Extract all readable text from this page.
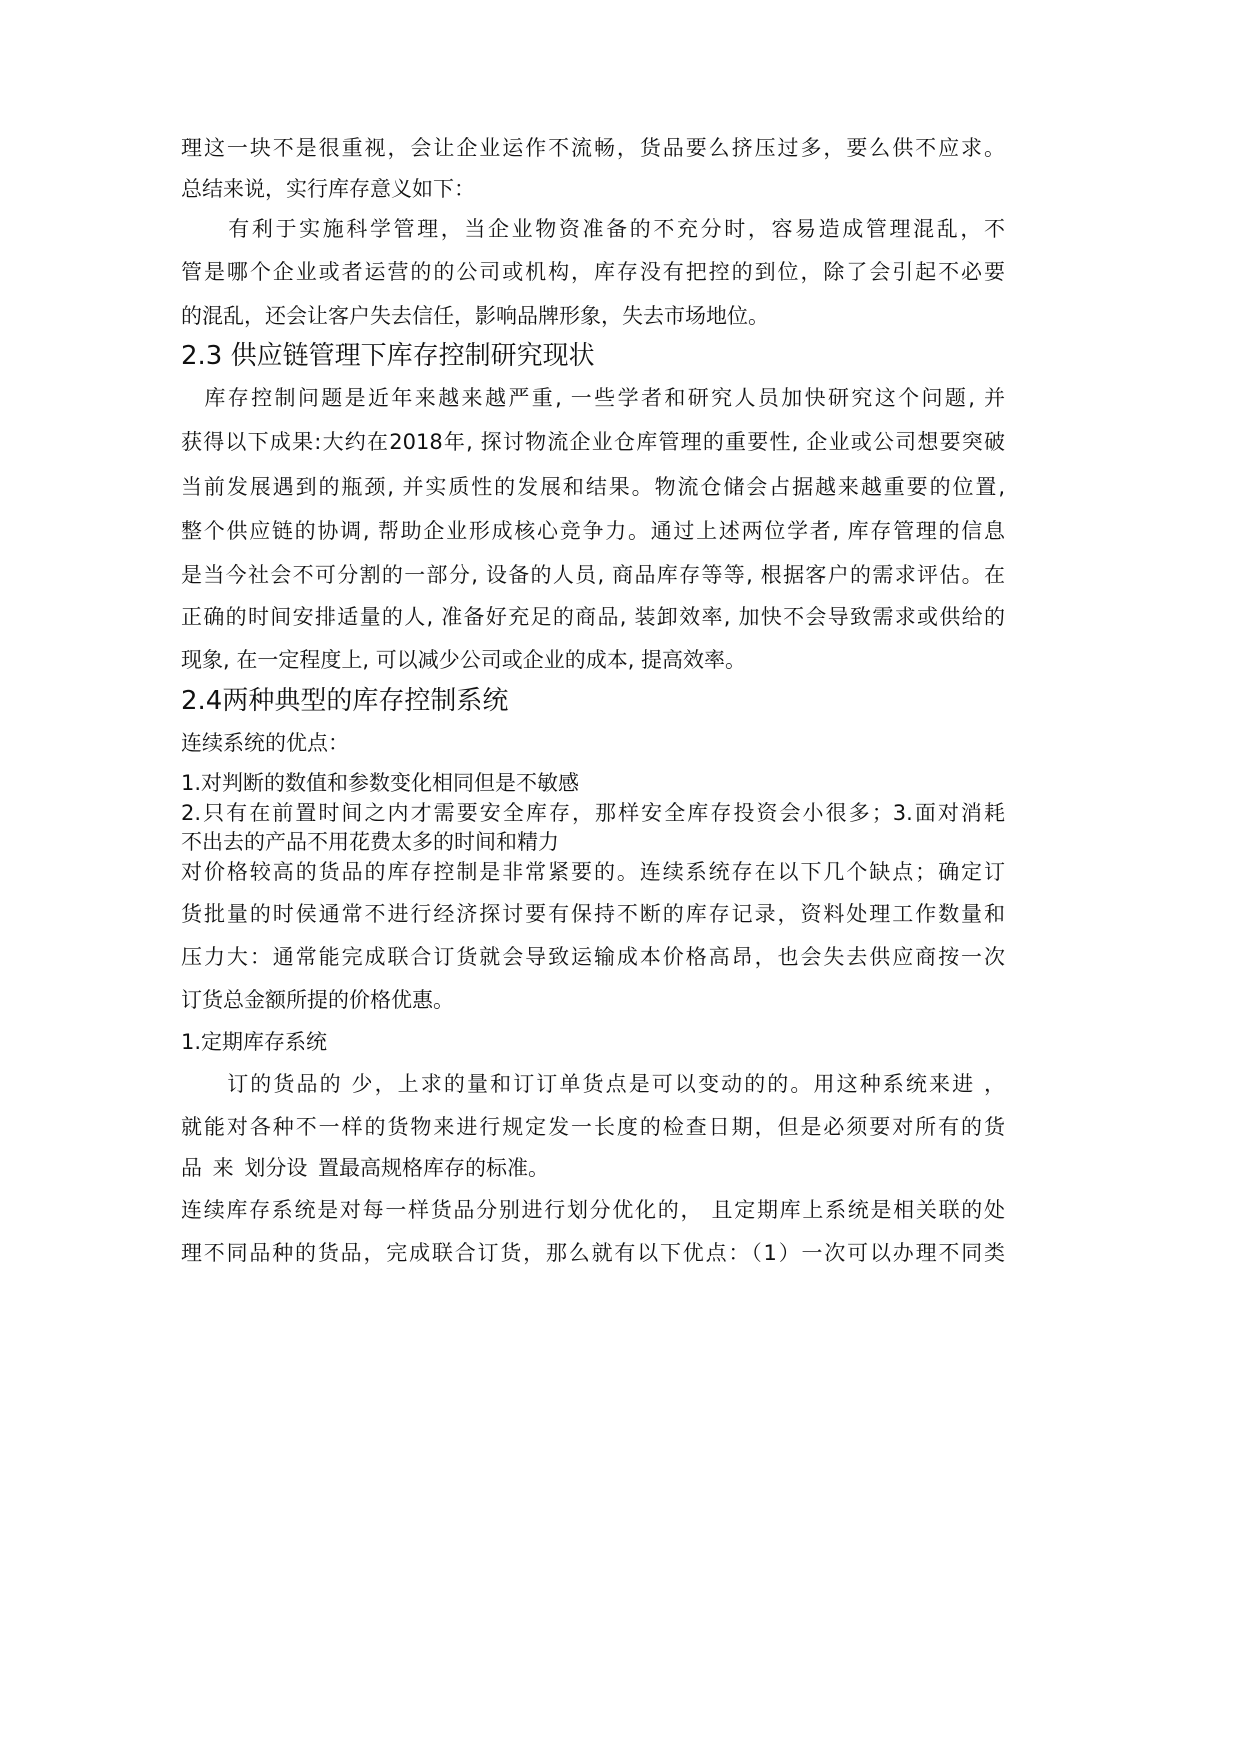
理这一块不是很重视，会让企业运作不流畅，货品要么挤压过多，要么供不应求。
总结来说，实行库存意义如下：
　　有利于实施科学管理，当企业物资准备的不充分时，容易造成管理混乱，不
管是哪个企业或者运营的的公司或机构，库存没有把控的到位，除了会引起不必要
的混乱，还会让客户失去信任，影响品牌形象，失去市场地位。
2.3 供应链管理下库存控制研究现状
　库存控制问题是近年来越来越严重, 一些学者和研究人员加快研究这个问题, 并
获得以下成果:大约在2018年, 探讨物流企业仓库管理的重要性, 企业或公司想要突破
当前发展遇到的瓶颈, 并实质性的发展和结果。物流仓储会占据越来越重要的位置,
整个供应链的协调, 帮助企业形成核心竞争力。通过上述两位学者, 库存管理的信息
是当今社会不可分割的一部分, 设备的人员, 商品库存等等, 根据客户的需求评估。在
正确的时间安排适量的人, 准备好充足的商品, 装卸效率, 加快不会导致需求或供给的
现象, 在一定程度上, 可以减少公司或企业的成本, 提高效率。
2.4两种典型的库存控制系统
连续系统的优点：
1.对判断的数值和参数变化相同但是不敏感
2.只有在前置时间之内才需要安全库存，那样安全库存投资会小很多；3.面对消耗
不出去的产品不用花费太多的时间和精力
对价格较高的货品的库存控制是非常紧要的。连续系统存在以下几个缺点；确定订
货批量的时侯通常不进行经济探讨要有保持不断的库存记录，资料处理工作数量和
压力大：通常能完成联合订货就会导致运输成本价格高昂，也会失去供应商按一次
订货总金额所提的价格优惠。
1.定期库存系统
　　订的货品的 少，上求的量和订订单货点是可以变动的的。用这种系统来进 ，
就能对各种不一样的货物来进行规定发一长度的检查日期，但是必须要对所有的货
品 来 划分设 置最高规格库存的标准。
连续库存系统是对每一样货品分别进行划分优化的， 且定期库上系统是相关联的处
理不同品种的货品，完成联合订货，那么就有以下优点：（1）一次可以办理不同类
